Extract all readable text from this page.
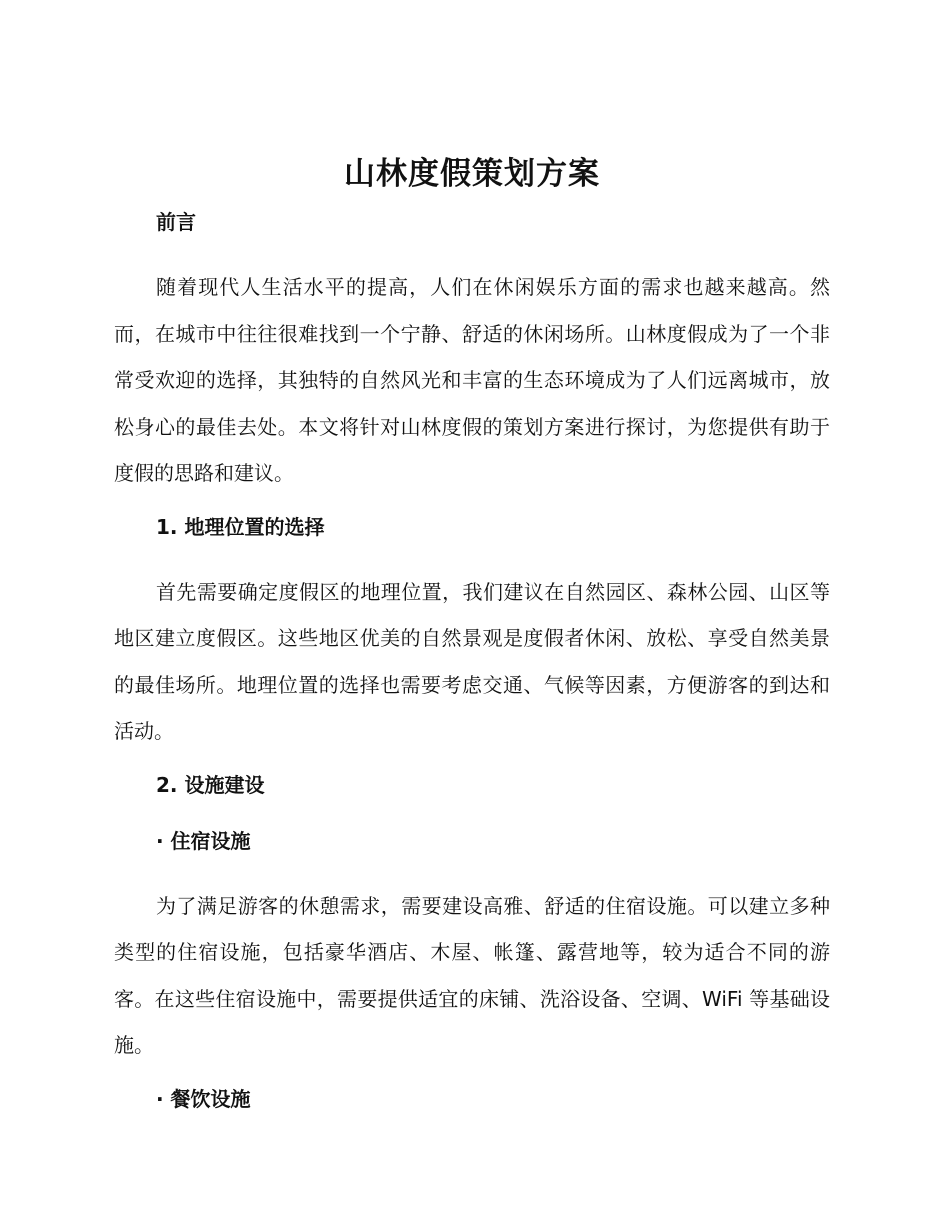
山林度假策划方案
前言

随着现代人生活水平的提高，人们在休闲娱乐方面的需求也越来越高。然而，在城市中往往很难找到一个宁静、舒适的休闲场所。山林度假成为了一个非常受欢迎的选择，其独特的自然风光和丰富的生态环境成为了人们远离城市，放松身心的最佳去处。本文将针对山林度假的策划方案进行探讨，为您提供有助于度假的思路和建议。

1. 地理位置的选择

首先需要确定度假区的地理位置，我们建议在自然园区、森林公园、山区等地区建立度假区。这些地区优美的自然景观是度假者休闲、放松、享受自然美景的最佳场所。地理位置的选择也需要考虑交通、气候等因素，方便游客的到达和活动。

2. 设施建设
· 住宿设施

为了满足游客的休憩需求，需要建设高雅、舒适的住宿设施。可以建立多种类型的住宿设施，包括豪华酒店、木屋、帐篷、露营地等，较为适合不同的游客。在这些住宿设施中，需要提供适宜的床铺、洗浴设备、空调、WiFi 等基础设施。

· 餐饮设施
